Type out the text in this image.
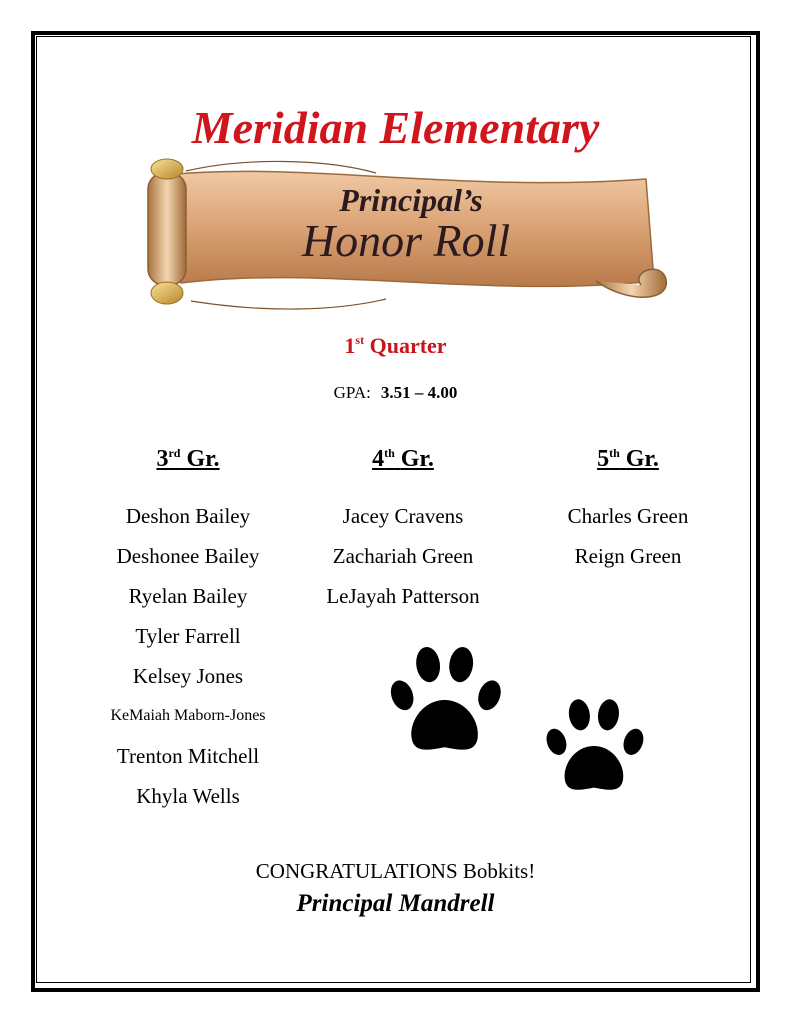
Meridian Elementary
Principal’s
Honor Roll
1st Quarter
GPA: 3.51 – 4.00
3rd Gr.
Deshon Bailey
Deshonee Bailey
Ryelan Bailey
Tyler Farrell
Kelsey Jones
KeMaiah Maborn-Jones
Trenton Mitchell
Khyla Wells
4th Gr.
Jacey Cravens
Zachariah Green
LeJayah Patterson
5th Gr.
Charles Green
Reign Green
CONGRATULATIONS Bobkits!
Principal Mandrell
